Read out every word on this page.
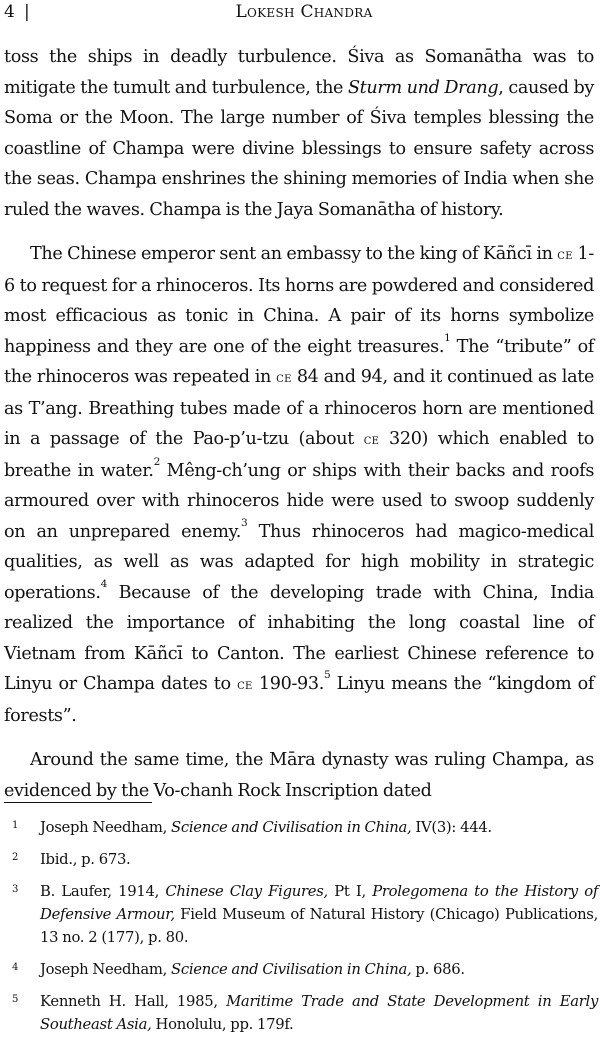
4 |	Lokesh Chandra

toss the ships in deadly turbulence. Śiva as Somanātha was to mitigate the tumult and turbulence, the Sturm und Drang, caused by Soma or the Moon. The large number of Śiva temples blessing the coastline of Champa were divine blessings to ensure safety across the seas. Champa enshrines the shining memories of India when she ruled the waves. Champa is the Jaya Somanātha of history.

The Chinese emperor sent an embassy to the king of Kāñcī in ce 1-6 to request for a rhinoceros. Its horns are powdered and considered most efficacious as tonic in China. A pair of its horns symbolize happiness and they are one of the eight treasures.$^1$ The “tribute” of the rhinoceros was repeated in ce 84 and 94, and it continued as late as T’ang. Breathing tubes made of a rhinoceros horn are mentioned in a passage of the Pao-p’u-tzu (about ce 320) which enabled to breathe in water.$^2$ Mêng-ch’ung or ships with their backs and roofs armoured over with rhinoceros hide were used to swoop suddenly on an unprepared enemy.$^3$ Thus rhinoceros had magico-medical qualities, as well as was adapted for high mobility in strategic operations.$^4$ Because of the developing trade with China, India realized the importance of inhabiting the long coastal line of Vietnam from Kāñcī to Canton. The earliest Chinese reference to Linyu or Champa dates to ce 190-93.$^5$ Linyu means the “kingdom of forests”.

Around the same time, the Māra dynasty was ruling Champa, as evidenced by the Vo-chanh Rock Inscription dated

1 Joseph Needham, Science and Civilisation in China, IV(3): 444.
2 Ibid., p. 673.
3 B. Laufer, 1914, Chinese Clay Figures, Pt I, Prolegomena to the History of Defensive Armour, Field Museum of Natural History (Chicago) Publications, 13 no. 2 (177), p. 80.
4 Joseph Needham, Science and Civilisation in China, p. 686.
5 Kenneth H. Hall, 1985, Maritime Trade and State Development in Early Southeast Asia, Honolulu, pp. 179f.
